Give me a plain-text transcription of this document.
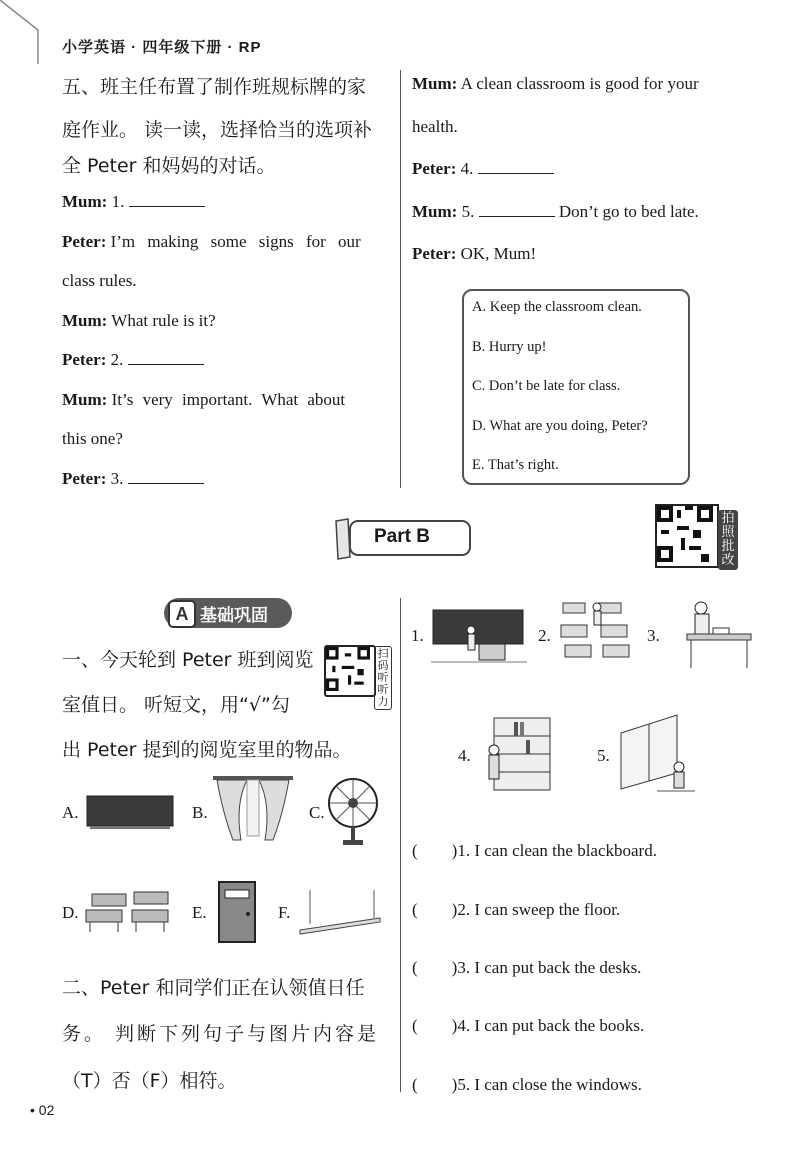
小学英语 · 四年级下册 · RP
五、班主任布置了制作班规标牌的家
庭作业。 读一读，选择恰当的选项补
全 Peter 和妈妈的对话。
Mum: 1.
Peter: I’m making some signs for our
class rules.
Mum: What rule is it?
Peter: 2.
Mum: It’s very important. What about
this one?
Peter: 3.
Mum: A clean classroom is good for your
health.
Peter: 4.
Mum: 5.	Don’t go to bed late.
Peter: OK, Mum!
A. Keep the classroom clean.
B. Hurry up!
C. Don’t be late for class.
D. What are you doing, Peter?
E. That’s right.
Part B
拍照批改
A 基础巩固
一、今天轮到 Peter 班到阅览
室值日。 听短文，用“√”勾
出 Peter 提到的阅览室里的物品。
扫码听听力
A.	B.	C.
D.	E.	F.
二、Peter 和同学们正在认领值日任
务。 判断下列句子与图片内容是
（T）否（F）相符。
1.	2.	3.
4.	5.
(　　)1. I can clean the blackboard.
(　　)2. I can sweep the floor.
(　　)3. I can put back the desks.
(　　)4. I can put back the books.
(　　)5. I can close the windows.
• 02
